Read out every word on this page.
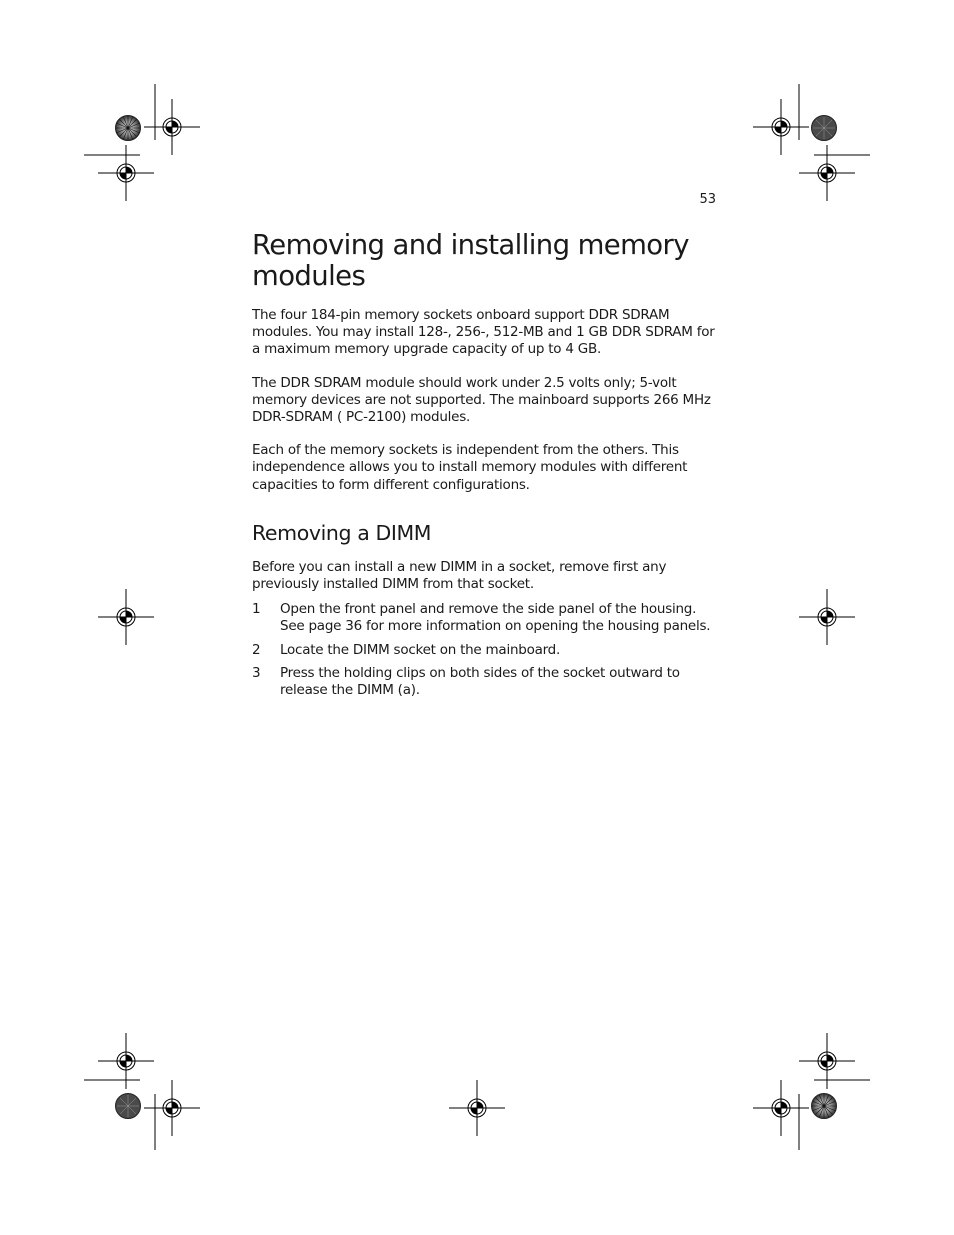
53
Removing and installing memory modules

The four 184-pin memory sockets onboard support DDR SDRAM modules. You may install 128-, 256-, 512-MB and 1 GB DDR SDRAM for a maximum memory upgrade capacity of up to 4 GB.

The DDR SDRAM module should work under 2.5 volts only; 5-volt memory devices are not supported. The mainboard supports 266 MHz DDR-SDRAM ( PC-2100) modules.

Each of the memory sockets is independent from the others. This independence allows you to install memory modules with different capacities to form different configurations.

Removing a DIMM

Before you can install a new DIMM in a socket, remove first any previously installed DIMM from that socket.

1	Open the front panel and remove the side panel of the housing. See page 36 for more information on opening the housing panels.
2	Locate the DIMM socket on the mainboard.
3	Press the holding clips on both sides of the socket outward to release the DIMM (a).
